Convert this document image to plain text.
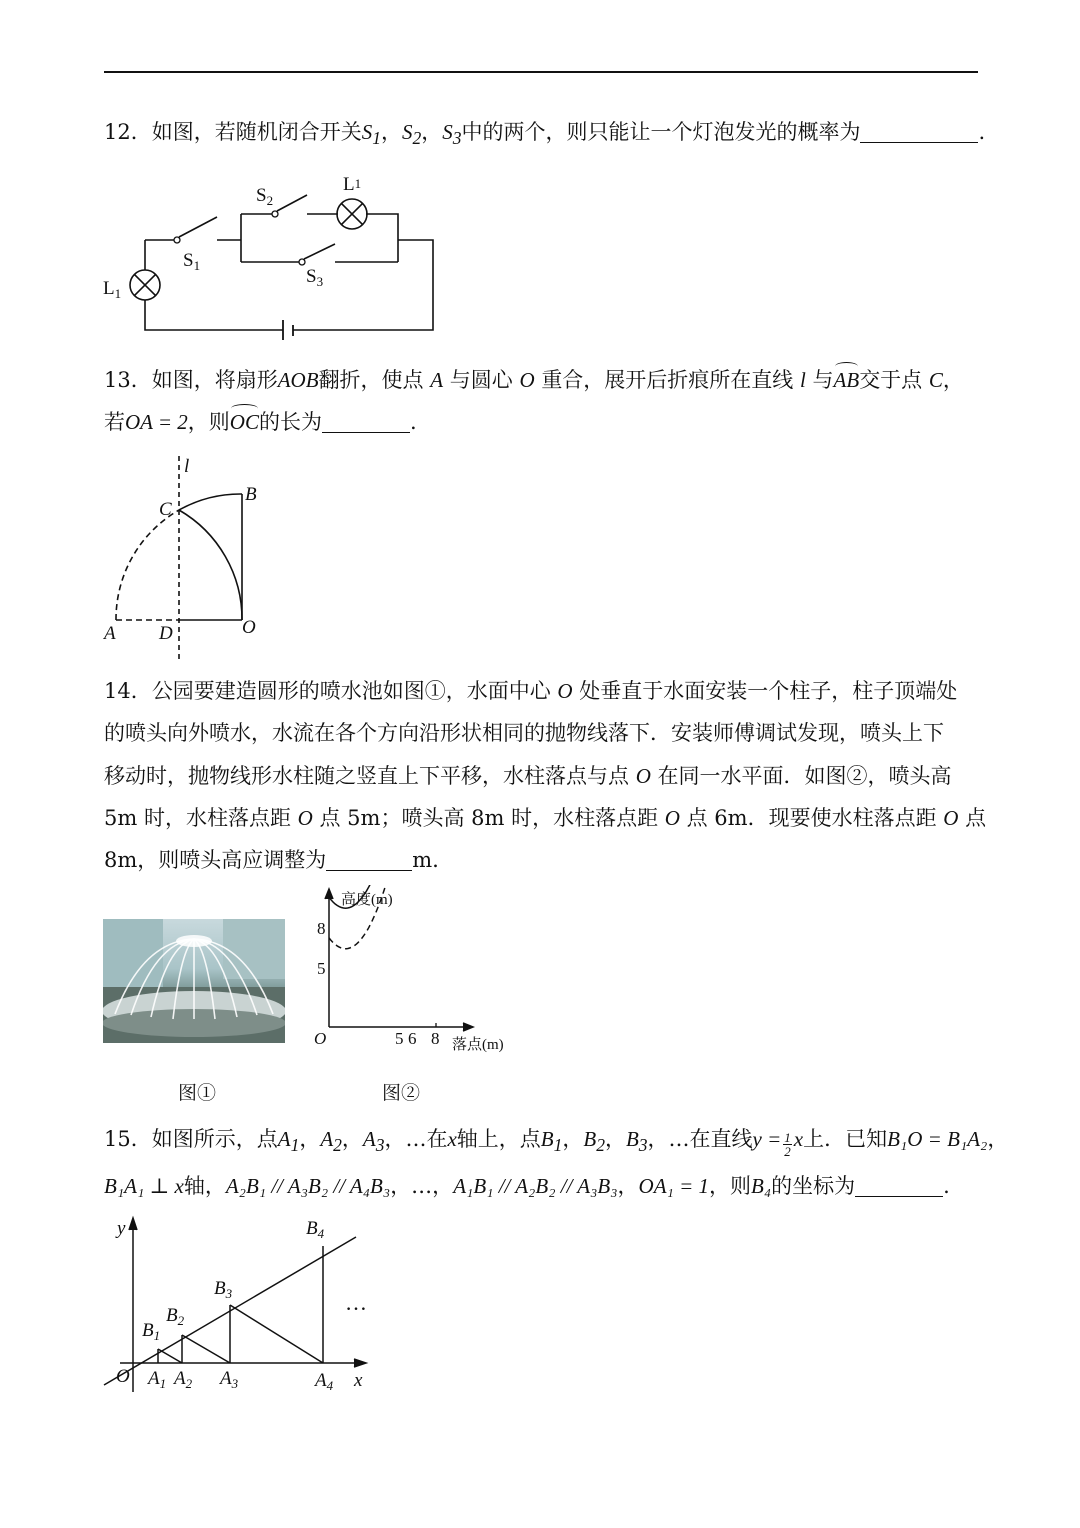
12．如图，若随机闭合开关$S_1$，$S_2$，$S_3$中的两个，则只能让一个灯泡发光的概率为	.
$S_1$
$S_2$
$S_3$
L1
$L_1$
13．如图，将扇形AOB翻折，使点 A 与圆心 O 重合，展开后折痕所在直线 l 与AB交于点 C，
若OA = 2，则OC的长为	.
l
B
C
A D	O
14．公园要建造圆形的喷水池如图①，水面中心 O 处垂直于水面安装一个柱子，柱子顶端处
的喷头向外喷水，水流在各个方向沿形状相同的抛物线落下．安装师傅调试发现，喷头上下
移动时，抛物线形水柱随之竖直上下平移，水柱落点与点 O 在同一水平面．如图②，喷头高
5m 时，水柱落点距 O 点 5m；喷头高 8m 时，水柱落点距 O 点 6m．现要使水柱落点距 O 点
8m，则喷头高应调整为	m．
图①
高度(m)
8
5
O	5 6 8 落点(m)
图②
15．如图所示，点$A_1$，$A_2$，$A_3$，…在x轴上，点$B_1$，$B_2$，$B_3$，…在直线$y = \frac{1}{2}$ x上．已知B₁O = B₁A₂，
B₁A₁ ⊥ x轴，A₂B₁ // A₃B₂ // A₄B₃，…，A₁B₁ // A₂B₂ // A₃B₃，OA₁ = 1，则B₄的坐标为	.
y
x
O
$B_1$
$B_2$
$B_3$
$B_4$
$A_1$ $A_2$ $A_3$	$A_4$
…
